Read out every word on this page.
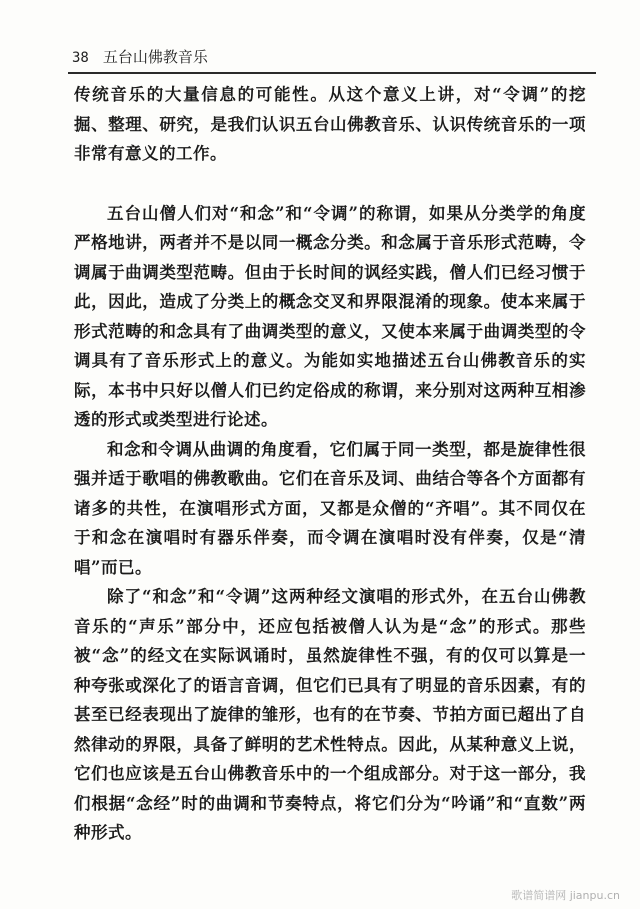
38 五台山佛教音乐

传统音乐的大量信息的可能性。从这个意义上讲，对“令调”的挖掘、整理、研究，是我们认识五台山佛教音乐、认识传统音乐的一项非常有意义的工作。

五台山僧人们对“和念”和“令调”的称谓，如果从分类学的角度严格地讲，两者并不是以同一概念分类。和念属于音乐形式范畴，令调属于曲调类型范畴。但由于长时间的讽经实践，僧人们已经习惯于此，因此，造成了分类上的概念交叉和界限混淆的现象。使本来属于形式范畴的和念具有了曲调类型的意义，又使本来属于曲调类型的令调具有了音乐形式上的意义。为能如实地描述五台山佛教音乐的实际，本书中只好以僧人们已约定俗成的称谓，来分别对这两种互相渗透的形式或类型进行论述。

和念和令调从曲调的角度看，它们属于同一类型，都是旋律性很强并适于歌唱的佛教歌曲。它们在音乐及词、曲结合等各个方面都有诸多的共性，在演唱形式方面，又都是众僧的“齐唱”。其不同仅在于和念在演唱时有器乐伴奏，而令调在演唱时没有伴奏，仅是“清唱”而已。

除了“和念”和“令调”这两种经文演唱的形式外，在五台山佛教音乐的“声乐”部分中，还应包括被僧人认为是“念”的形式。那些被“念”的经文在实际讽诵时，虽然旋律性不强，有的仅可以算是一种夸张或深化了的语言音调，但它们已具有了明显的音乐因素，有的甚至已经表现出了旋律的雏形，也有的在节奏、节拍方面已超出了自然律动的界限，具备了鲜明的艺术性特点。因此，从某种意义上说，它们也应该是五台山佛教音乐中的一个组成部分。对于这一部分，我们根据“念经”时的曲调和节奏特点，将它们分为“吟诵”和“直数”两种形式。

歌谱简谱网 jianpu.cn
